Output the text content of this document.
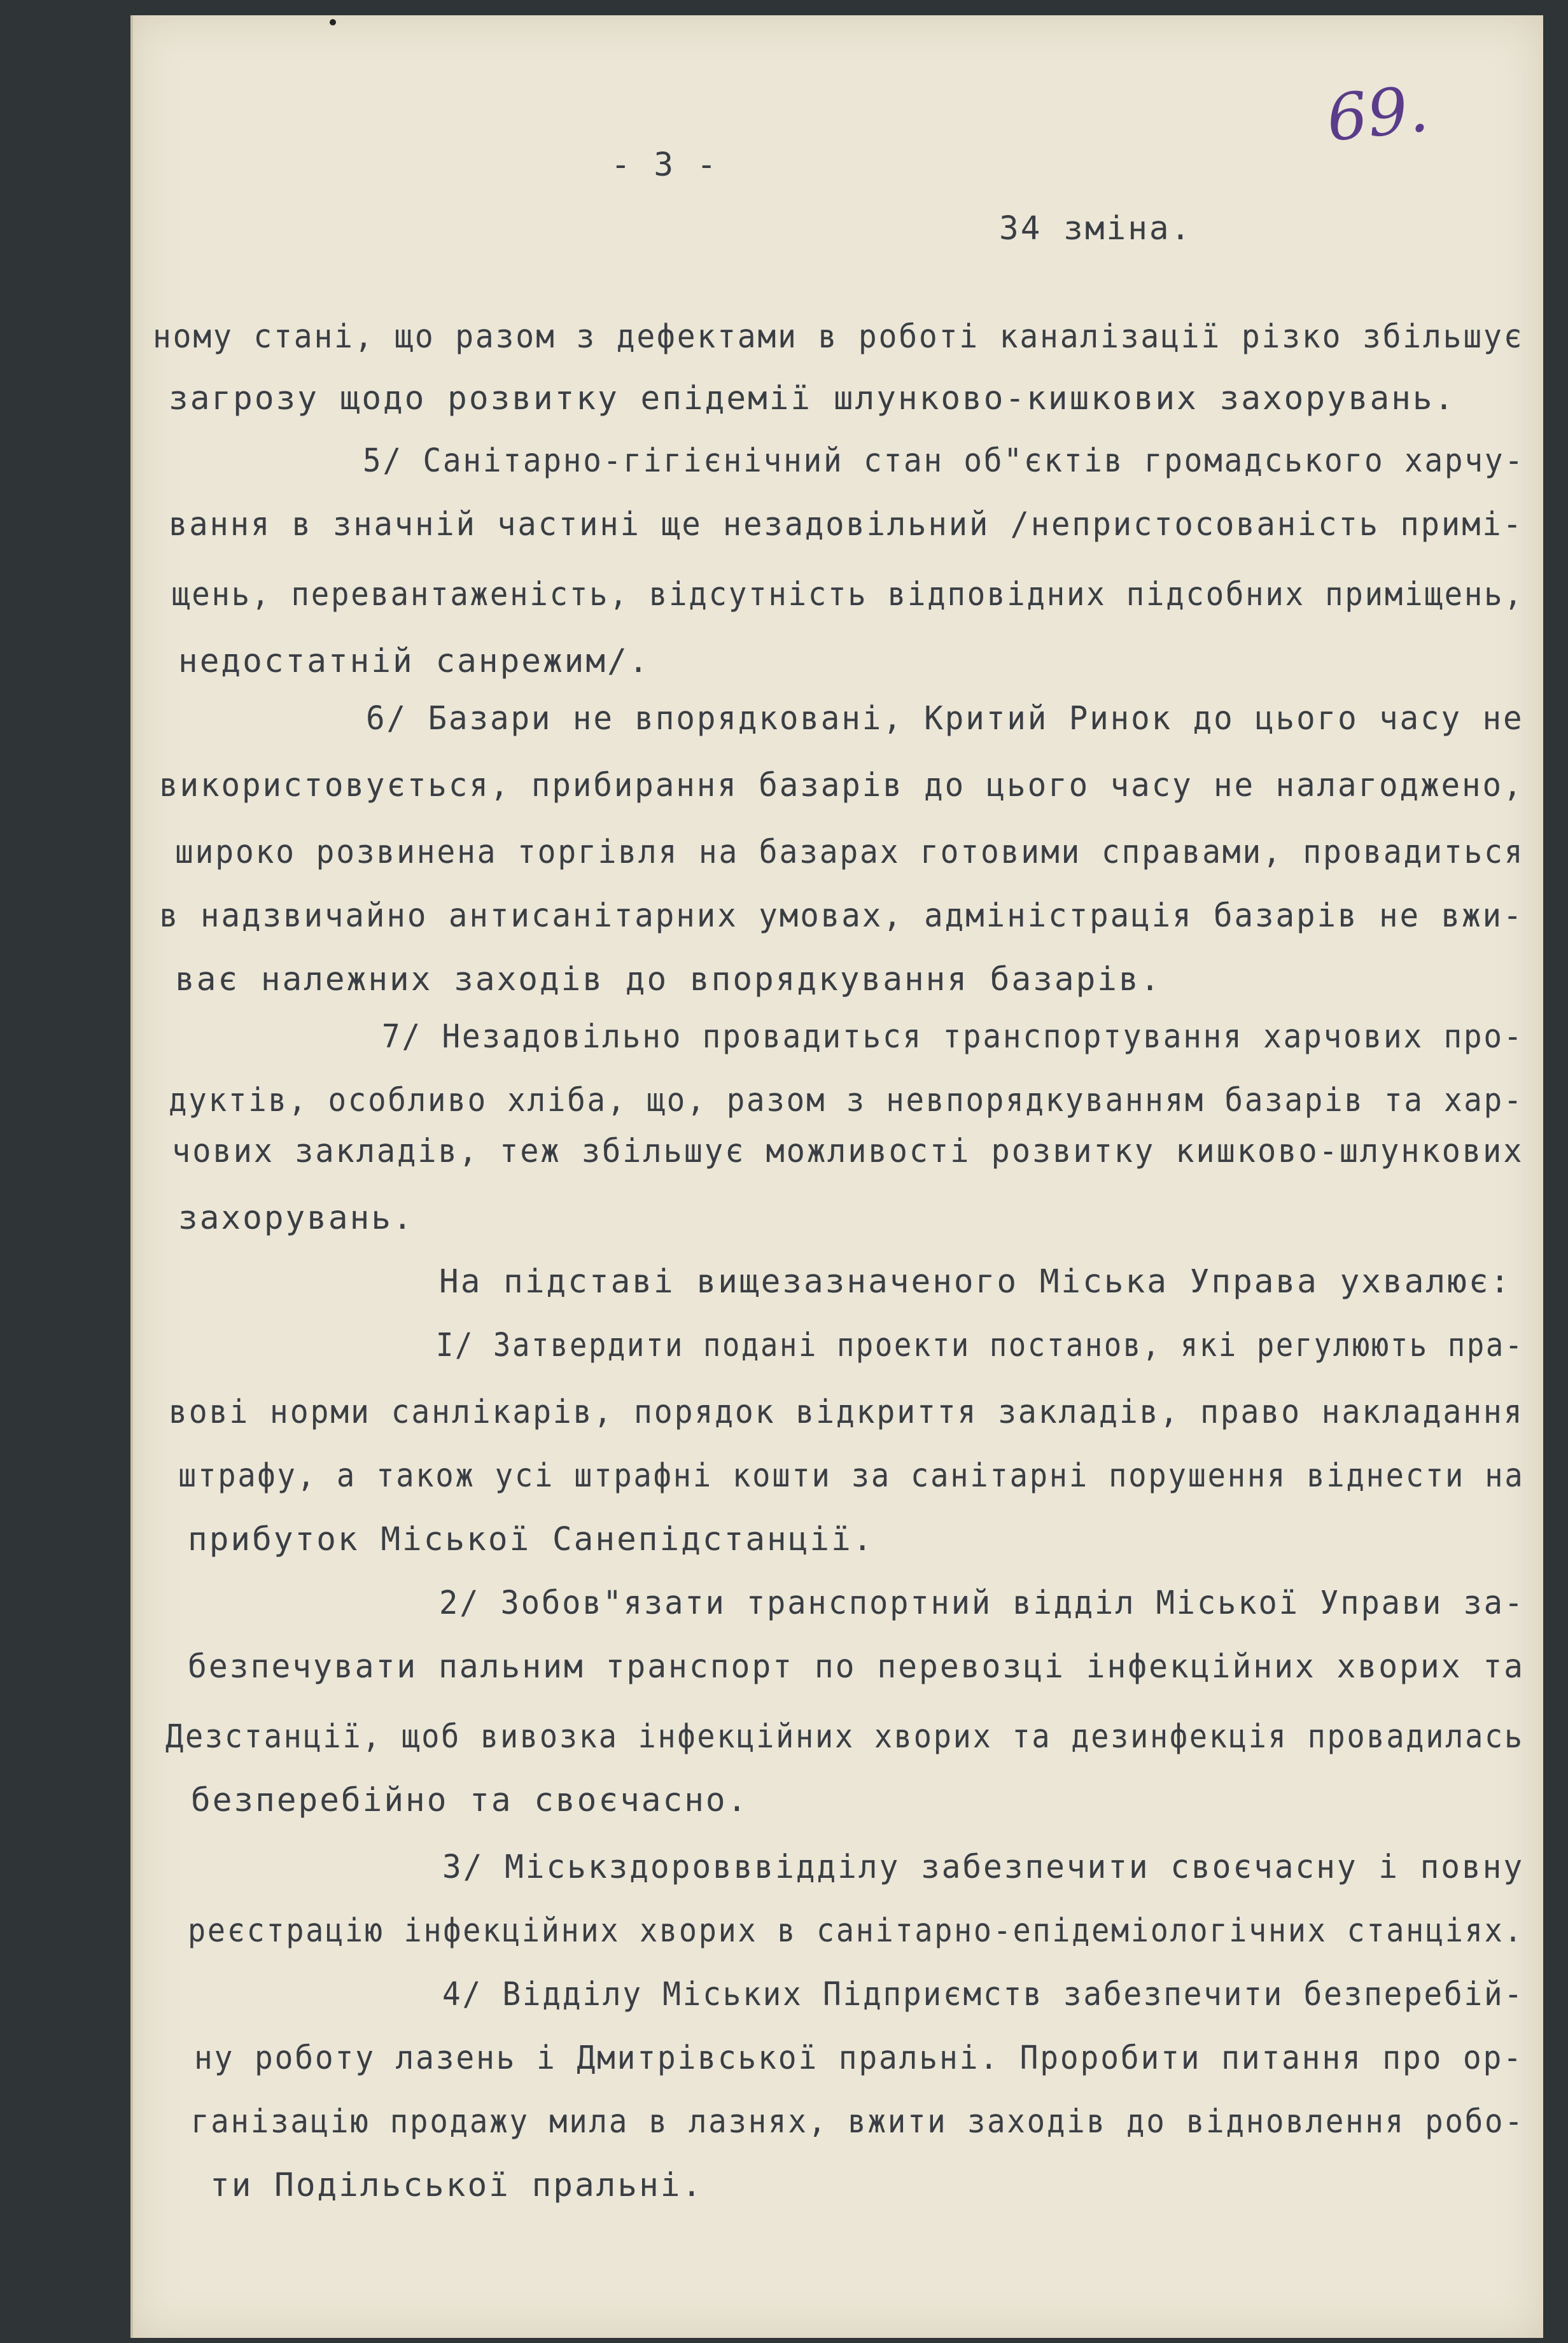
- 3 -
34 зміна.
69.
ному стані, що разом з дефектами в роботі каналізації різко збільшує
загрозу щодо розвитку епідемії шлунково-кишкових захорувань.
5/ Санітарно-гігієнічний стан об"єктів громадського харчу-
вання в значній частині ще незадовільний /непристосованість примі-
щень, перевантаженість, відсутність відповідних підсобних приміщень,
недостатній санрежим/.
6/ Базари не впорядковані, Критий Ринок до цього часу не
використовується, прибирання базарів до цього часу не налагоджено,
широко розвинена торгівля на базарах готовими справами, провадиться
в надзвичайно антисанітарних умовах, адміністрація базарів не вжи-
ває належних заходів до впорядкування базарів.
7/ Незадовільно провадиться транспортування харчових про-
дуктів, особливо хліба, що, разом з невпорядкуванням базарів та хар-
чових закладів, теж збільшує можливості розвитку кишково-шлункових
захорувань.
На підставі вищезазначеного Міська Управа ухвалює:
І/ Затвердити подані проекти постанов, які регулюють пра-
вові норми санлікарів, порядок відкриття закладів, право накладання
штрафу, а також усі штрафні кошти за санітарні порушення віднести на
прибуток Міської Санепідстанції.
2/ Зобов"язати транспортний відділ Міської Управи за-
безпечувати пальним транспорт по перевозці інфекційних хворих та
Дезстанції, щоб вивозка інфекційних хворих та дезинфекція провадилась
безперебійно та своєчасно.
3/ Міськздоровввідділу забезпечити своєчасну і повну
реєстрацію інфекційних хворих в санітарно-епідеміологічних станціях.
4/ Відділу Міських Підприємств забезпечити безперебій-
ну роботу лазень і Дмитрівської пральні. Проробити питання про ор-
ганізацію продажу мила в лазнях, вжити заходів до відновлення робо-
ти Подільської пральні.
